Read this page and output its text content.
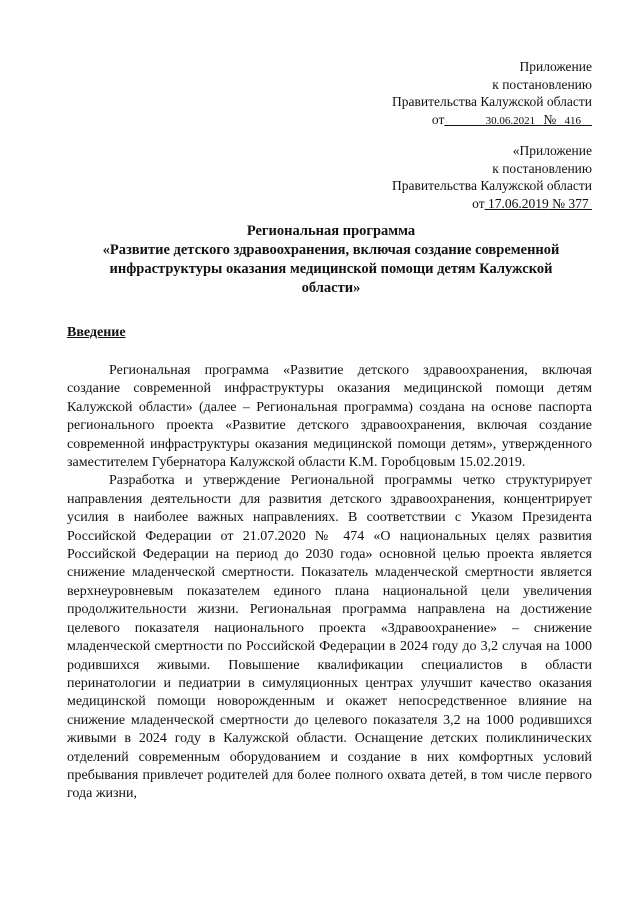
Приложение
к постановлению
Правительства Калужской области
от	30.06.2021 № 416
«Приложение
к постановлению
Правительства Калужской области
от 17.06.2019 № 377
Региональная программа
«Развитие детского здравоохранения, включая создание современной
инфраструктуры оказания медицинской помощи детям Калужской
области»
Введение

Региональная программа «Развитие детского здравоохранения, включая создание современной инфраструктуры оказания медицинской помощи детям Калужской области» (далее – Региональная программа) создана на основе паспорта регионального проекта «Развитие детского здравоохранения, включая создание современной инфраструктуры оказания медицинской помощи детям», утвержденного заместителем Губернатора Калужской области К.М. Горобцовым 15.02.2019.

Разработка и утверждение Региональной программы четко структурирует направления деятельности для развития детского здравоохранения, концентрирует усилия в наиболее важных направлениях. В соответствии с Указом Президента Российской Федерации от 21.07.2020 № 474 «О национальных целях развития Российской Федерации на период до 2030 года» основной целью проекта является снижение младенческой смертности. Показатель младенческой смертности является верхнеуровневым показателем единого плана национальной цели увеличения продолжительности жизни. Региональная программа направлена на достижение целевого показателя национального проекта «Здравоохранение» – снижение младенческой смертности по Российской Федерации в 2024 году до 3,2 случая на 1000 родившихся живыми. Повышение квалификации специалистов в области перинатологии и педиатрии в симуляционных центрах улучшит качество оказания медицинской помощи новорожденным и окажет непосредственное влияние на снижение младенческой смертности до целевого показателя 3,2 на 1000 родившихся живыми в 2024 году в Калужской области. Оснащение детских поликлинических отделений современным оборудованием и создание в них комфортных условий пребывания привлечет родителей для более полного охвата детей, в том числе первого года жизни,
